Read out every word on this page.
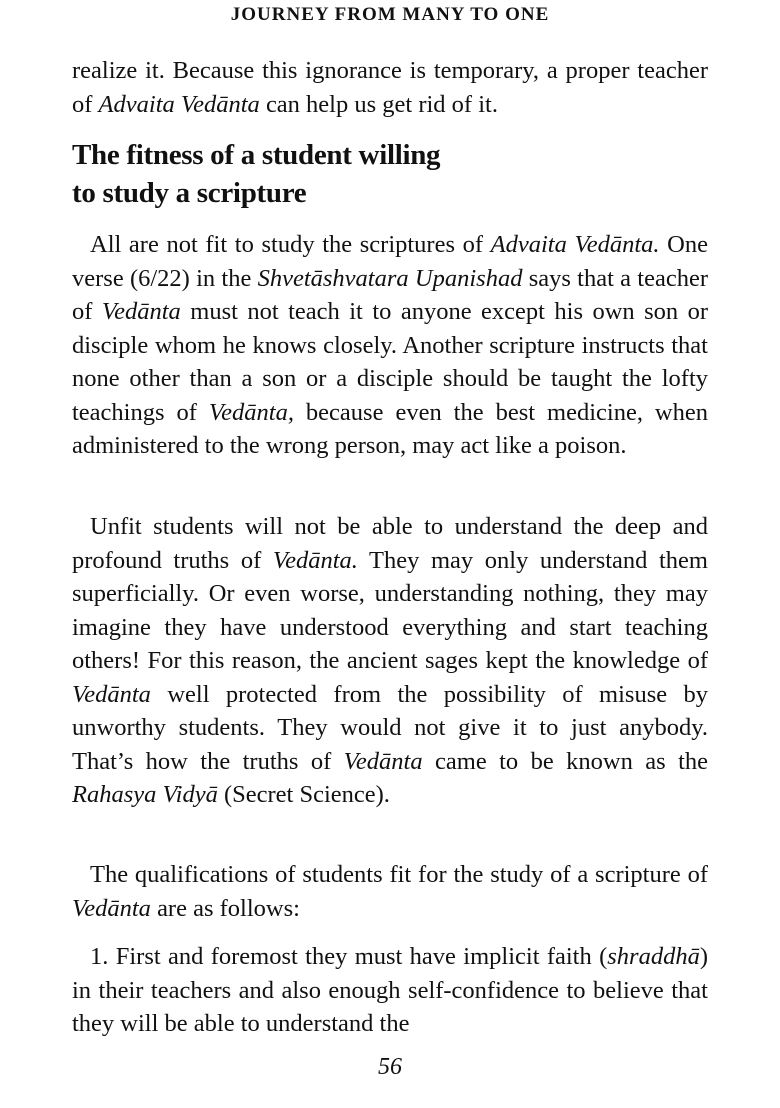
JOURNEY FROM MANY TO ONE

realize it. Because this ignorance is temporary, a proper teacher of Advaita Vedānta can help us get rid of it.

The fitness of a student willing
to study a scripture

All are not fit to study the scriptures of Advaita Vedānta. One verse (6/22) in the Shvetāshvatara Upanishad says that a teacher of Vedānta must not teach it to anyone except his own son or disciple whom he knows closely. Another scripture instructs that none other than a son or a disciple should be taught the lofty teachings of Vedānta, because even the best medicine, when administered to the wrong person, may act like a poison.

Unfit students will not be able to understand the deep and profound truths of Vedānta. They may only understand them superficially. Or even worse, understanding nothing, they may imagine they have understood everything and start teaching others! For this reason, the ancient sages kept the knowledge of Vedānta well protected from the possibility of misuse by unworthy students. They would not give it to just anybody. That’s how the truths of Vedānta came to be known as the Rahasya Vidyā (Secret Science).

The qualifications of students fit for the study of a scripture of Vedānta are as follows:

1. First and foremost they must have implicit faith (shraddhā) in their teachers and also enough self-confidence to believe that they will be able to understand the

56
